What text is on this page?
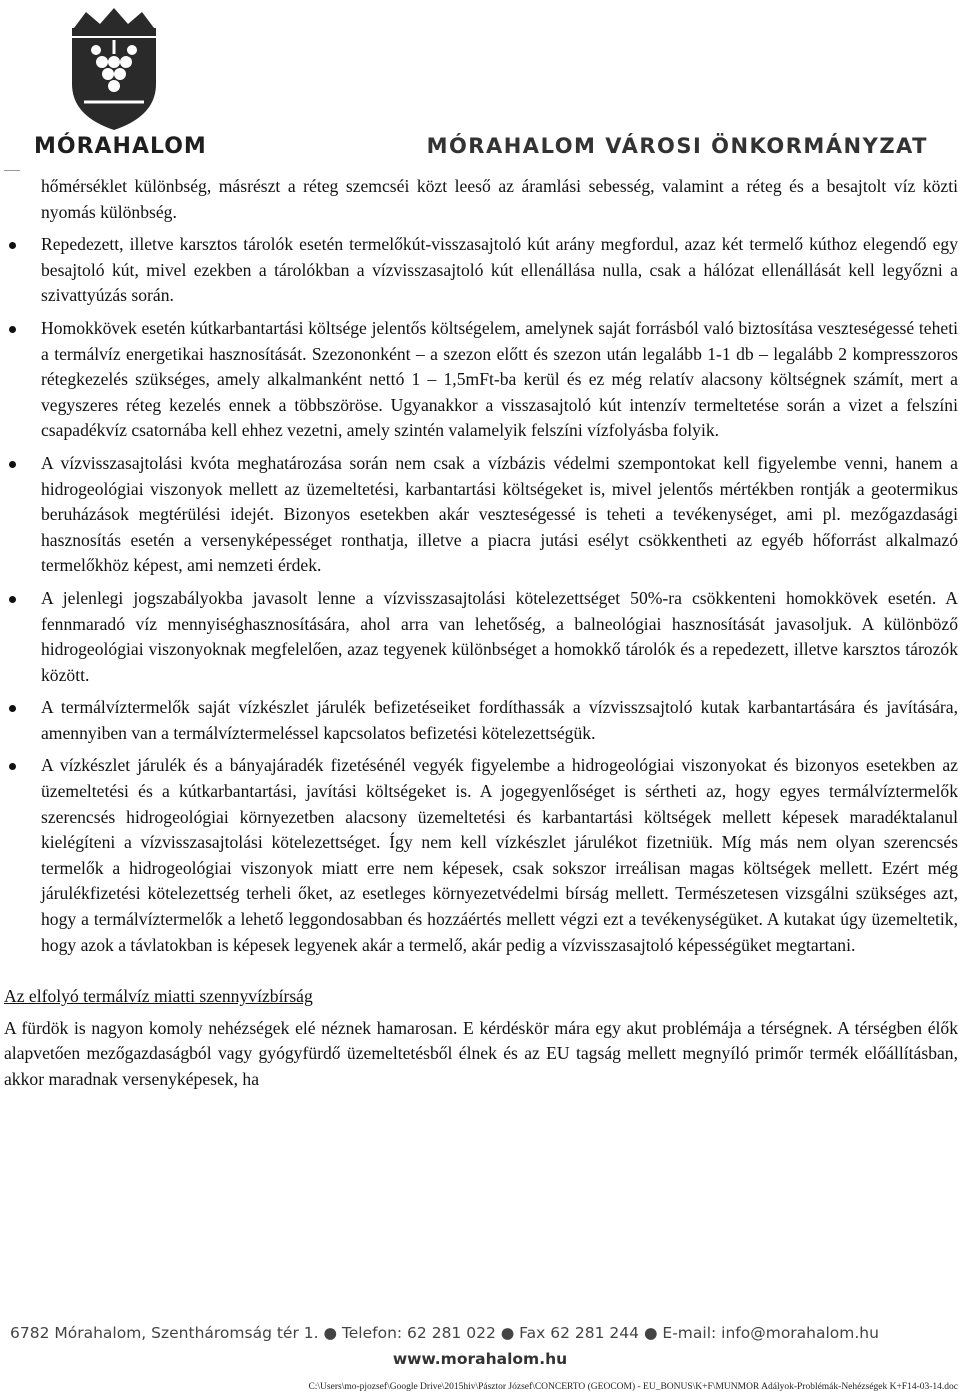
MÓRAHALOM	MÓRAHALOM VÁROSI ÖNKORMÁNYZAT

hőmérséklet különbség, másrészt a réteg szemcséi közt leeső az áramlási sebesség, valamint a réteg és a besajtolt víz közti nyomás különbség.

Repedezett, illetve karsztos tárolók esetén termelőkút-visszasajtoló kút arány megfordul, azaz két termelő kúthoz elegendő egy besajtoló kút, mivel ezekben a tárolókban a vízvisszasajtoló kút ellenállása nulla, csak a hálózat ellenállását kell legyőzni a szivattyúzás során.

Homokkövek esetén kútkarbantartási költsége jelentős költségelem, amelynek saját forrásból való biztosítása veszteségessé teheti a termálvíz energetikai hasznosítását. Szezononként – a szezon előtt és szezon után legalább 1-1 db – legalább 2 kompresszoros rétegkezelés szükséges, amely alkalmanként nettó 1 – 1,5mFt-ba kerül és ez még relatív alacsony költségnek számít, mert a vegyszeres réteg kezelés ennek a többszöröse. Ugyanakkor a visszasajtoló kút intenzív termeltetése során a vizet a felszíni csapadékvíz csatornába kell ehhez vezetni, amely szintén valamelyik felszíni vízfolyásba folyik.

A vízvisszasajtolási kvóta meghatározása során nem csak a vízbázis védelmi szempontokat kell figyelembe venni, hanem a hidrogeológiai viszonyok mellett az üzemeltetési, karbantartási költségeket is, mivel jelentős mértékben rontják a geotermikus beruházások megtérülési idejét. Bizonyos esetekben akár veszteségessé is teheti a tevékenységet, ami pl. mezőgazdasági hasznosítás esetén a versenyképességet ronthatja, illetve a piacra jutási esélyt csökkentheti az egyéb hőforrást alkalmazó termelőkhöz képest, ami nemzeti érdek.

A jelenlegi jogszabályokba javasolt lenne a vízvisszasajtolási kötelezettséget 50%-ra csökkenteni homokkövek esetén. A fennmaradó víz mennyiséghasznosítására, ahol arra van lehetőség, a balneológiai hasznosítását javasoljuk. A különböző hidrogeológiai viszonyoknak megfelelően, azaz tegyenek különbséget a homokkő tárolók és a repedezett, illetve karsztos tározók között.

A termálvíztermelők saját vízkészlet járulék befizetéseiket fordíthassák a vízvisszsajtoló kutak karbantartására és javítására, amennyiben van a termálvíztermeléssel kapcsolatos befizetési kötelezettségük.

A vízkészlet járulék és a bányajáradék fizetésénél vegyék figyelembe a hidrogeológiai viszonyokat és bizonyos esetekben az üzemeltetési és a kútkarbantartási, javítási költségeket is. A jogegyenlőséget is sértheti az, hogy egyes termálvíztermelők szerencsés hidrogeológiai környezetben alacsony üzemeltetési és karbantartási költségek mellett képesek maradéktalanul kielégíteni a vízvisszasajtolási kötelezettséget. Így nem kell vízkészlet járulékot fizetniük. Míg más nem olyan szerencsés termelők a hidrogeológiai viszonyok miatt erre nem képesek, csak sokszor irreálisan magas költségek mellett. Ezért még járulékfizetési kötelezettség terheli őket, az esetleges környezetvédelmi bírság mellett. Természetesen vizsgálni szükséges azt, hogy a termálvíztermelők a lehető leggondosabban és hozzáértés mellett végzi ezt a tevékenységüket. A kutakat úgy üzemeltetik, hogy azok a távlatokban is képesek legyenek akár a termelő, akár pedig a vízvisszasajtoló képességüket megtartani.

Az elfolyó termálvíz miatti szennyvízbírság

A fürdök is nagyon komoly nehézségek elé néznek hamarosan. E kérdéskör mára egy akut problémája a térségnek. A térségben élők alapvetően mezőgazdaságból vagy gyógyfürdő üzemeltetésből élnek és az EU tagság mellett megnyíló primőr termék előállításban, akkor maradnak versenyképesek, ha

6782 Mórahalom, Szentháromság tér 1. ● Telefon: 62 281 022 ● Fax 62 281 244 ● E-mail: info@morahalom.hu
www.morahalom.hu
C:\Users\mo-pjozsef\Google Drive\2015hiv\Pásztor József\CONCERTO (GEOCOM) - EU_BONUS\K+F\MUNMOR Adályok-Problémák-Nehézségek K+F14-03-14.doc
